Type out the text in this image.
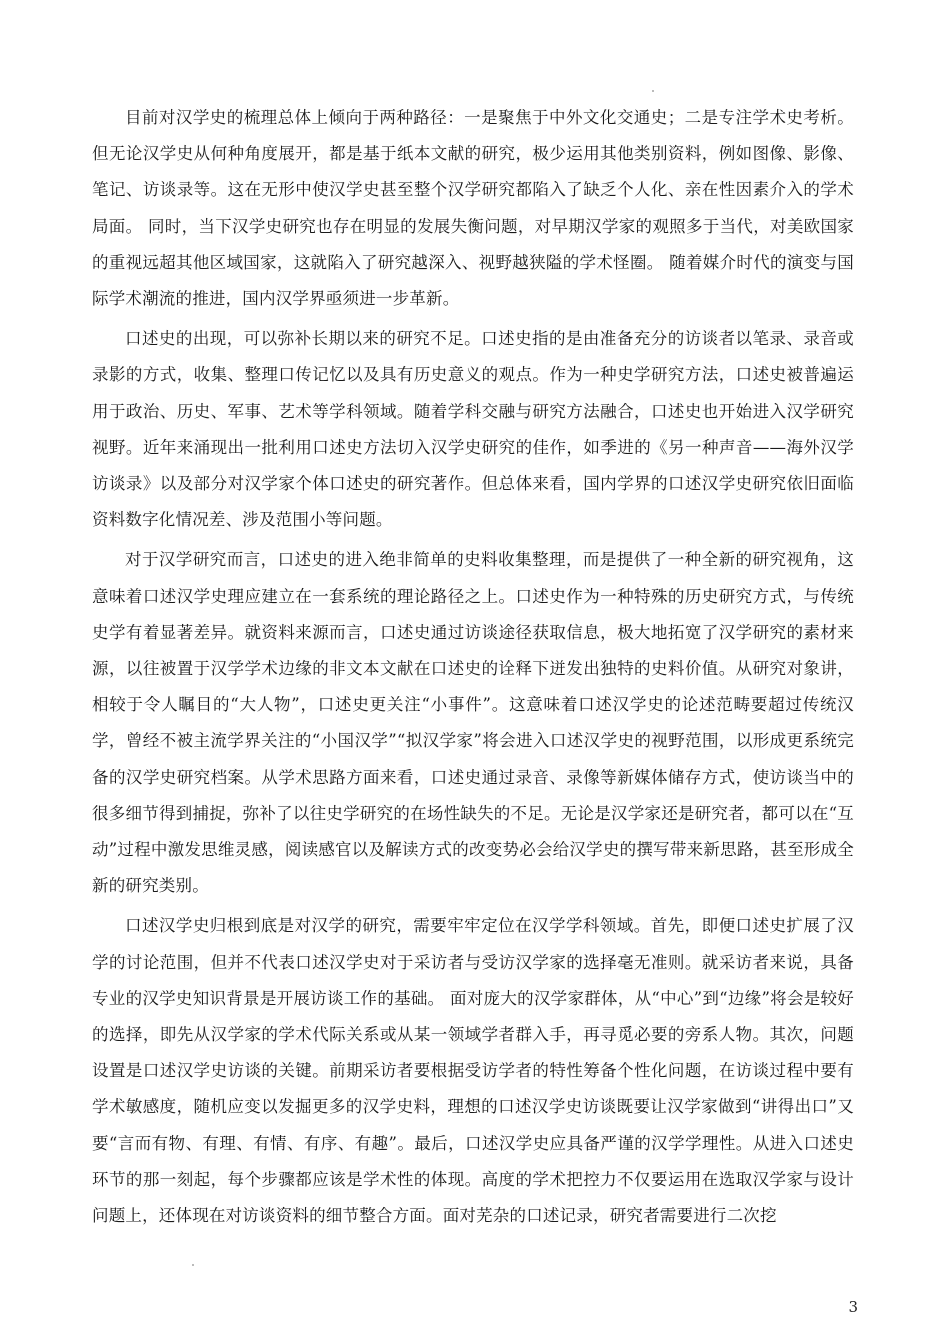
目前对汉学史的梳理总体上倾向于两种路径：一是聚焦于中外文化交通史；二是专注学术史考析。但无论汉学史从何种角度展开，都是基于纸本文献的研究，极少运用其他类别资料，例如图像、影像、笔记、访谈录等。这在无形中使汉学史甚至整个汉学研究都陷入了缺乏个人化、亲在性因素介入的学术局面。 同时，当下汉学史研究也存在明显的发展失衡问题，对早期汉学家的观照多于当代，对美欧国家的重视远超其他区域国家，这就陷入了研究越深入、视野越狭隘的学术怪圈。 随着媒介时代的演变与国际学术潮流的推进，国内汉学界亟须进一步革新。

口述史的出现，可以弥补长期以来的研究不足。口述史指的是由准备充分的访谈者以笔录、录音或录影的方式，收集、整理口传记忆以及具有历史意义的观点。作为一种史学研究方法，口述史被普遍运用于政治、历史、军事、艺术等学科领域。随着学科交融与研究方法融合，口述史也开始进入汉学研究视野。近年来涌现出一批利用口述史方法切入汉学史研究的佳作，如季进的《另一种声音——海外汉学访谈录》以及部分对汉学家个体口述史的研究著作。但总体来看，国内学界的口述汉学史研究依旧面临资料数字化情况差、涉及范围小等问题。

对于汉学研究而言，口述史的进入绝非简单的史料收集整理，而是提供了一种全新的研究视角，这意味着口述汉学史理应建立在一套系统的理论路径之上。口述史作为一种特殊的历史研究方式，与传统史学有着显著差异。就资料来源而言，口述史通过访谈途径获取信息，极大地拓宽了汉学研究的素材来源，以往被置于汉学学术边缘的非文本文献在口述史的诠释下迸发出独特的史料价值。从研究对象讲，相较于令人瞩目的“大人物”，口述史更关注“小事件”。这意味着口述汉学史的论述范畴要超过传统汉学，曾经不被主流学界关注的“小国汉学”“拟汉学家”将会进入口述汉学史的视野范围，以形成更系统完备的汉学史研究档案。从学术思路方面来看，口述史通过录音、录像等新媒体储存方式，使访谈当中的很多细节得到捕捉，弥补了以往史学研究的在场性缺失的不足。无论是汉学家还是研究者，都可以在“互动”过程中激发思维灵感，阅读感官以及解读方式的改变势必会给汉学史的撰写带来新思路，甚至形成全新的研究类别。

口述汉学史归根到底是对汉学的研究，需要牢牢定位在汉学学科领域。首先，即便口述史扩展了汉学的讨论范围，但并不代表口述汉学史对于采访者与受访汉学家的选择毫无准则。就采访者来说，具备专业的汉学史知识背景是开展访谈工作的基础。 面对庞大的汉学家群体，从“中心”到“边缘”将会是较好的选择，即先从汉学家的学术代际关系或从某一领域学者群入手，再寻觅必要的旁系人物。其次，问题设置是口述汉学史访谈的关键。前期采访者要根据受访学者的特性筹备个性化问题，在访谈过程中要有学术敏感度，随机应变以发掘更多的汉学史料，理想的口述汉学史访谈既要让汉学家做到“讲得出口”又要“言而有物、有理、有情、有序、有趣”。最后，口述汉学史应具备严谨的汉学学理性。从进入口述史环节的那一刻起，每个步骤都应该是学术性的体现。高度的学术把控力不仅要运用在选取汉学家与设计问题上，还体现在对访谈资料的细节整合方面。面对芜杂的口述记录，研究者需要进行二次挖

3
